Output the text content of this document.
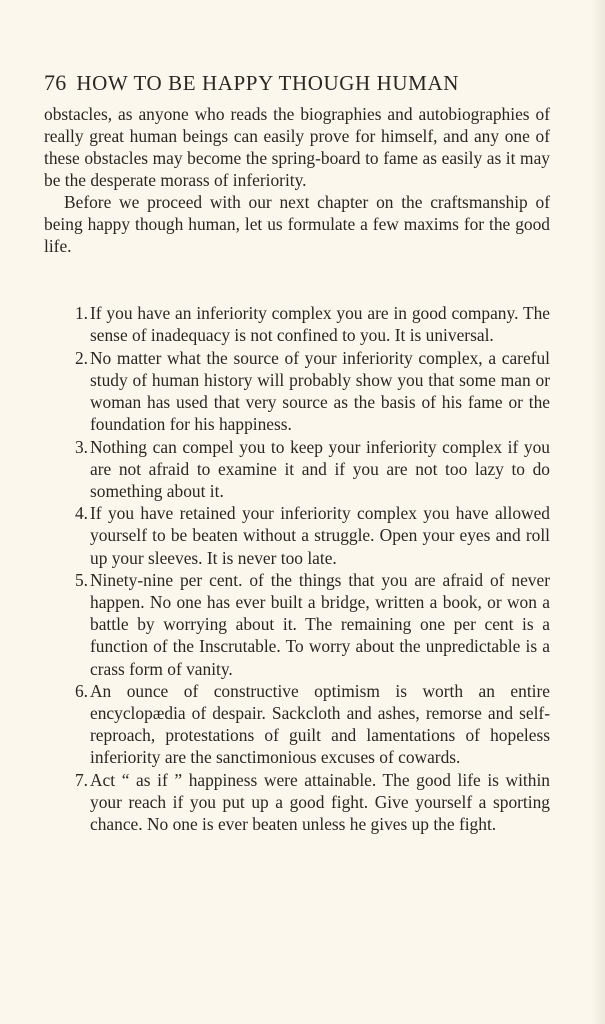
76 HOW TO BE HAPPY THOUGH HUMAN

obstacles, as anyone who reads the biographies and autobiographies of really great human beings can easily prove for himself, and any one of these obstacles may become the spring-board to fame as easily as it may be the desperate morass of inferiority.

Before we proceed with our next chapter on the craftsmanship of being happy though human, let us formulate a few maxims for the good life.

1. If you have an inferiority complex you are in good company. The sense of inadequacy is not confined to you. It is universal.
2. No matter what the source of your inferiority complex, a careful study of human history will probably show you that some man or woman has used that very source as the basis of his fame or the foundation for his happiness.
3. Nothing can compel you to keep your inferiority complex if you are not afraid to examine it and if you are not too lazy to do something about it.
4. If you have retained your inferiority complex you have allowed yourself to be beaten without a struggle. Open your eyes and roll up your sleeves. It is never too late.
5. Ninety-nine per cent. of the things that you are afraid of never happen. No one has ever built a bridge, written a book, or won a battle by worrying about it. The remaining one per cent is a function of the Inscrutable. To worry about the unpredictable is a crass form of vanity.
6. An ounce of constructive optimism is worth an entire encyclopædia of despair. Sackcloth and ashes, remorse and self-reproach, protestations of guilt and lamentations of hopeless inferiority are the sanctimonious excuses of cowards.
7. Act “ as if ” happiness were attainable. The good life is within your reach if you put up a good fight. Give yourself a sporting chance. No one is ever beaten unless he gives up the fight.
